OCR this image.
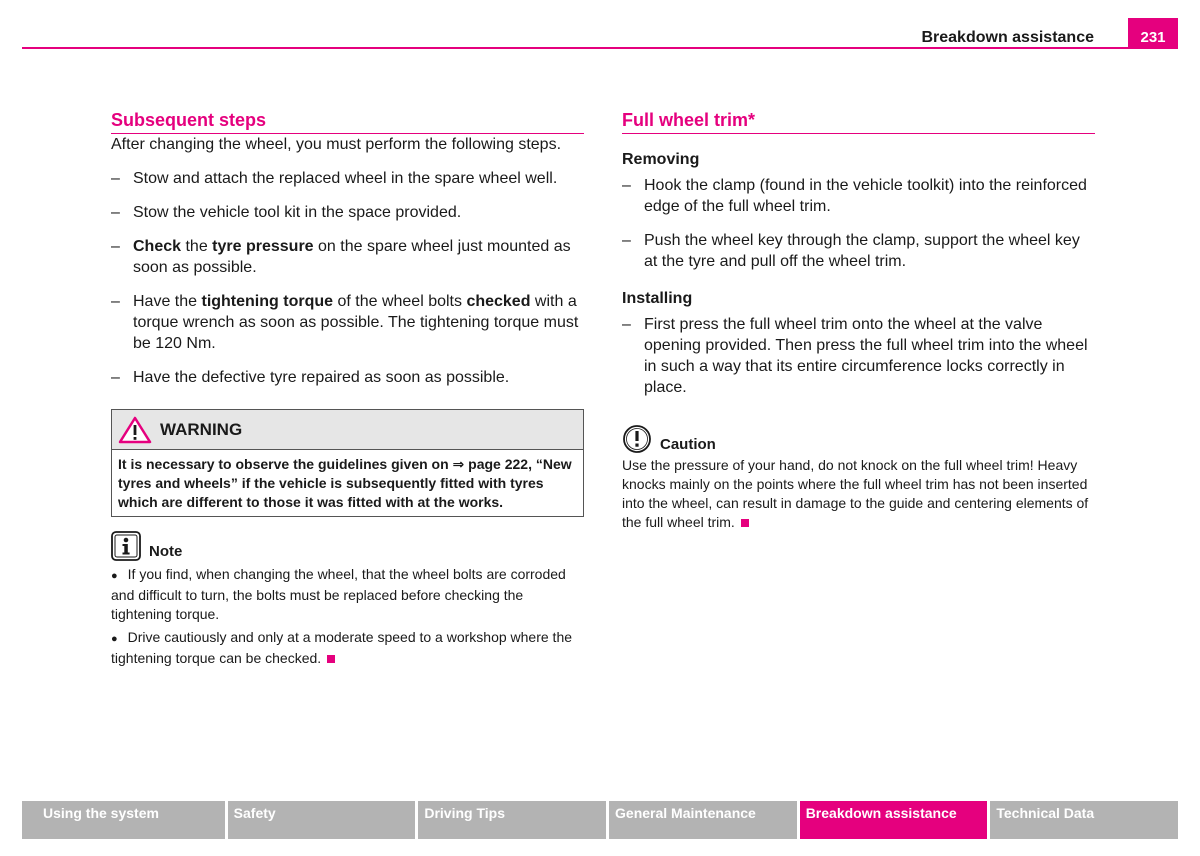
Breakdown assistance	231
Subsequent steps

After changing the wheel, you must perform the following steps.

– Stow and attach the replaced wheel in the spare wheel well.
– Stow the vehicle tool kit in the space provided.
– Check the tyre pressure on the spare wheel just mounted as soon as possible.
– Have the tightening torque of the wheel bolts checked with a torque wrench as soon as possible. The tightening torque must be 120 Nm.
– Have the defective tyre repaired as soon as possible.
WARNING
It is necessary to observe the guidelines given on ⇒ page 222, “New tyres and wheels” if the vehicle is subsequently fitted with tyres which are different to those it was fitted with at the works.
Note
● If you find, when changing the wheel, that the wheel bolts are corroded and difficult to turn, the bolts must be replaced before checking the tightening torque.
● Drive cautiously and only at a moderate speed to a workshop where the tightening torque can be checked.
Full wheel trim*
Removing
– Hook the clamp (found in the vehicle toolkit) into the reinforced edge of the full wheel trim.
– Push the wheel key through the clamp, support the wheel key at the tyre and pull off the wheel trim.
Installing
– First press the full wheel trim onto the wheel at the valve opening provided. Then press the full wheel trim into the wheel in such a way that its entire circumference locks correctly in place.
Caution
Use the pressure of your hand, do not knock on the full wheel trim! Heavy knocks mainly on the points where the full wheel trim has not been inserted into the wheel, can result in damage to the guide and centering elements of the full wheel trim.
Using the system	Safety	Driving Tips	General Maintenance	Breakdown assistance	Technical Data
